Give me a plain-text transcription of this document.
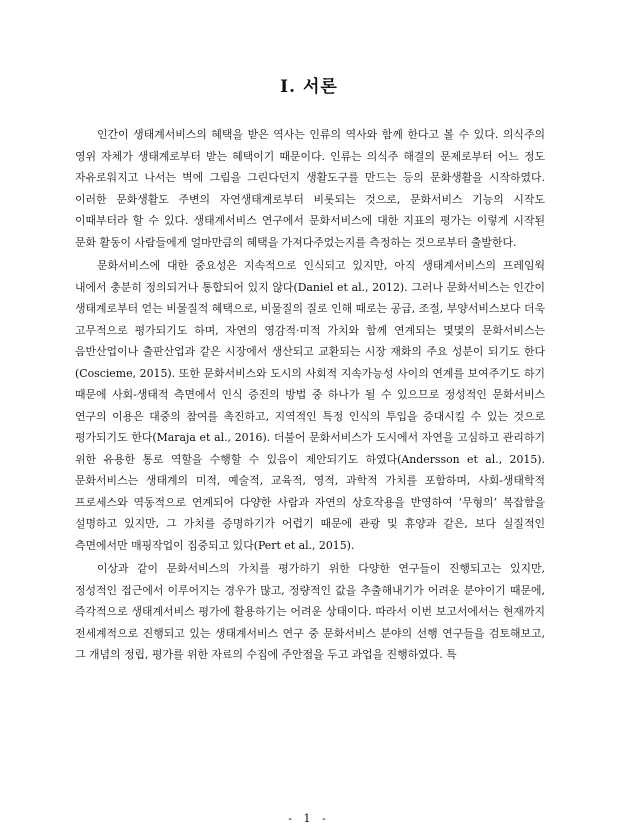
I. 서론

인간이 생태계서비스의 혜택을 받은 역사는 인류의 역사와 함께 한다고 볼 수 있다. 의식주의 영위 자체가 생태계로부터 받는 혜택이기 때문이다. 인류는 의식주 해결의 문제로부터 어느 정도 자유로워지고 나서는 벽에 그림을 그린다던지 생활도구를 만드는 등의 문화생활을 시작하였다. 이러한 문화생활도 주변의 자연생태계로부터 비롯되는 것으로, 문화서비스 기능의 시작도 이때부터라 할 수 있다. 생태계서비스 연구에서 문화서비스에 대한 지표의 평가는 이렇게 시작된 문화 활동이 사람들에게 얼마만큼의 혜택을 가져다주었는지를 측정하는 것으로부터 출발한다.

문화서비스에 대한 중요성은 지속적으로 인식되고 있지만, 아직 생태계서비스의 프레임웍 내에서 충분히 정의되거나 통합되어 있지 않다(Daniel et al., 2012). 그러나 문화서비스는 인간이 생태계로부터 얻는 비물질적 혜택으로, 비물질의 질로 인해 때로는 공급, 조절, 부양서비스보다 더욱 고무적으로 평가되기도 하며, 자연의 영감적·미적 가치와 함께 연계되는 몇몇의 문화서비스는 음반산업이나 출판산업과 같은 시장에서 생산되고 교환되는 시장 재화의 주요 성분이 되기도 한다(Coscieme, 2015). 또한 문화서비스와 도시의 사회적 지속가능성 사이의 연계를 보여주기도 하기 때문에 사회-생태적 측면에서 인식 증진의 방법 중 하나가 될 수 있으므로 정성적인 문화서비스 연구의 이용은 대중의 참여를 촉진하고, 지역적인 특정 인식의 투입을 증대시킬 수 있는 것으로 평가되기도 한다(Maraja et al., 2016). 더불어 문화서비스가 도시에서 자연을 고심하고 관리하기 위한 유용한 통로 역할을 수행할 수 있음이 제안되기도 하였다(Andersson et al., 2015). 문화서비스는 생태계의 미적, 예술적, 교육적, 영적, 과학적 가치를 포함하며, 사회-생태학적 프로세스와 역동적으로 연계되어 다양한 사람과 자연의 상호작용을 반영하여 ‘무형의’ 복잡함을 설명하고 있지만, 그 가치를 증명하기가 어렵기 때문에 관광 및 휴양과 같은, 보다 실질적인 측면에서만 매핑작업이 집중되고 있다(Pert et al., 2015).

이상과 같이 문화서비스의 가치를 평가하기 위한 다양한 연구들이 진행되고는 있지만, 정성적인 접근에서 이루어지는 경우가 많고, 정량적인 값을 추출해내기가 어려운 분야이기 때문에, 즉각적으로 생태계서비스 평가에 활용하기는 어려운 상태이다. 따라서 이번 보고서에서는 현재까지 전세계적으로 진행되고 있는 생태계서비스 연구 중 문화서비스 분야의 선행 연구들을 검토해보고, 그 개념의 정립, 평가를 위한 자료의 수집에 주안점을 두고 과업을 진행하였다. 특

- 1 -
